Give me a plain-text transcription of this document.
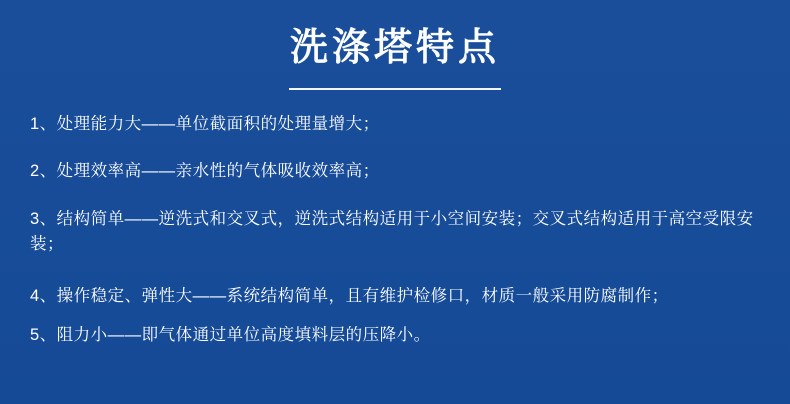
洗涤塔特点

1、处理能力大——单位截面积的处理量增大；

2、处理效率高——亲水性的气体吸收效率高；

3、结构简单——逆洗式和交叉式，逆洗式结构适用于小空间安装；交叉式结构适用于高空受限安装；

4、操作稳定、弹性大——系统结构简单，且有维护检修口，材质一般采用防腐制作；

5、阻力小——即气体通过单位高度填料层的压降小。
